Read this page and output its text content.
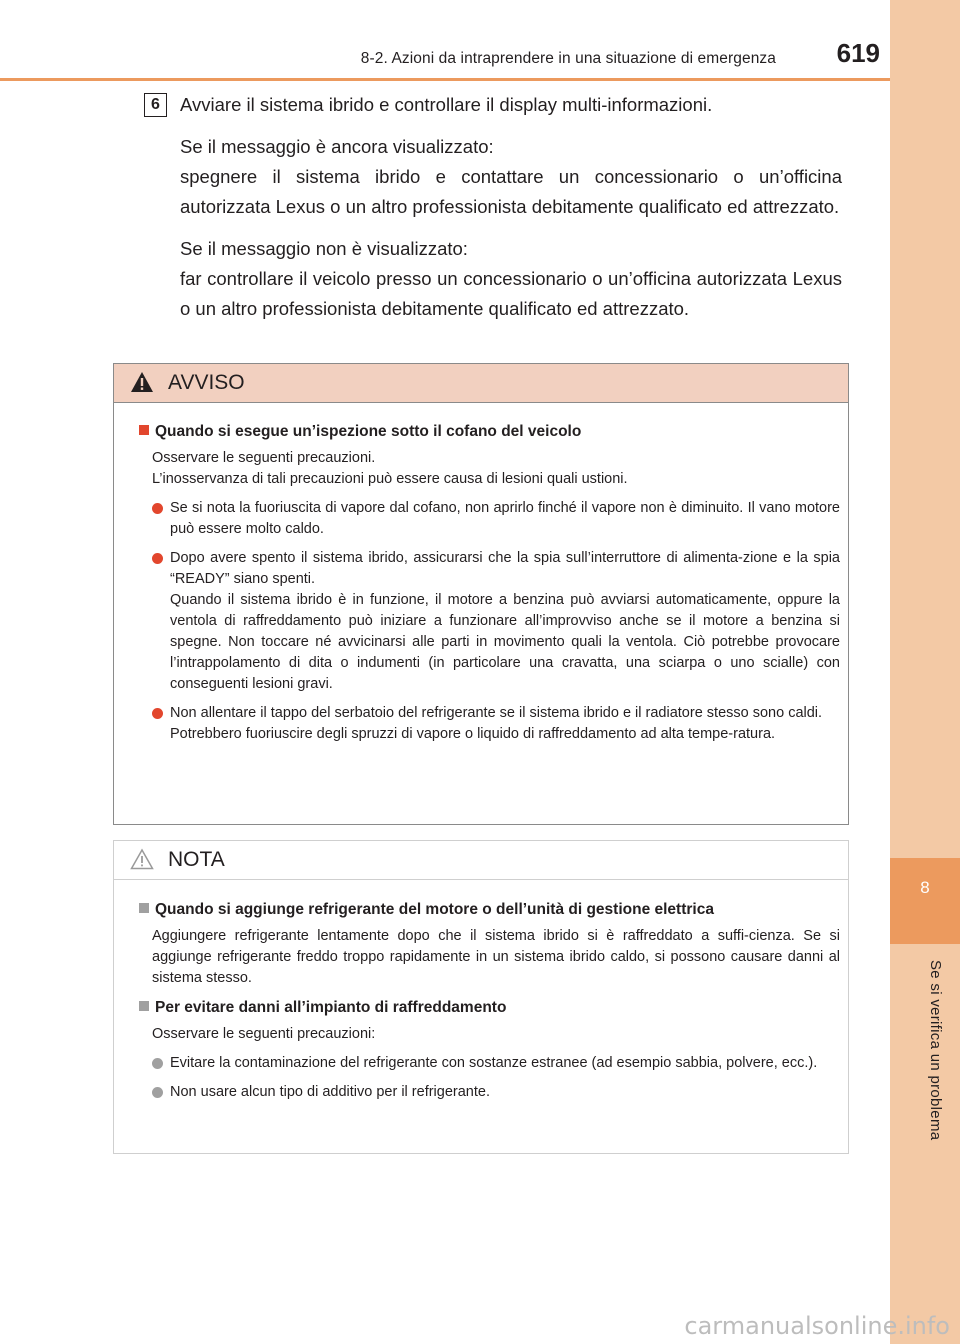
8
Se si verifica un problema
8-2. Azioni da intraprendere in una situazione di emergenza 619
6	Avviare il sistema ibrido e controllare il display multi-informazioni.

Se il messaggio è ancora visualizzato:

spegnere il sistema ibrido e contattare un concessionario o un’officina autorizzata Lexus o un altro professionista debitamente qualificato ed attrezzato.

Se il messaggio non è visualizzato:

far controllare il veicolo presso un concessionario o un’officina autorizzata Lexus o un altro professionista debitamente qualificato ed attrezzato.

AVVISO
Quando si esegue un’ispezione sotto il cofano del veicolo

Osservare le seguenti precauzioni.

L’inosservanza di tali precauzioni può essere causa di lesioni quali ustioni.

Se si nota la fuoriuscita di vapore dal cofano, non aprirlo finché il vapore non è diminuito. Il vano motore può essere molto caldo.
Dopo avere spento il sistema ibrido, assicurarsi che la spia sull’interruttore di alimenta-zione e la spia “READY” siano spenti.
Quando il sistema ibrido è in funzione, il motore a benzina può avviarsi automaticamente, oppure la ventola di raffreddamento può iniziare a funzionare all’improvviso anche se il motore a benzina si spegne. Non toccare né avvicinarsi alle parti in movimento quali la ventola. Ciò potrebbe provocare l’intrappolamento di dita o indumenti (in particolare una cravatta, una sciarpa o uno scialle) con conseguenti lesioni gravi.
Non allentare il tappo del serbatoio del refrigerante se il sistema ibrido e il radiatore stesso sono caldi.
Potrebbero fuoriuscire degli spruzzi di vapore o liquido di raffreddamento ad alta tempe-ratura.
NOTA
Quando si aggiunge refrigerante del motore o dell’unità di gestione elettrica

Aggiungere refrigerante lentamente dopo che il sistema ibrido si è raffreddato a suffi-cienza. Se si aggiunge refrigerante freddo troppo rapidamente in un sistema ibrido caldo, si possono causare danni al sistema stesso.

Per evitare danni all’impianto di raffreddamento

Osservare le seguenti precauzioni:

Evitare la contaminazione del refrigerante con sostanze estranee (ad esempio sabbia, polvere, ecc.).
Non usare alcun tipo di additivo per il refrigerante.
carmanualsonline.info
